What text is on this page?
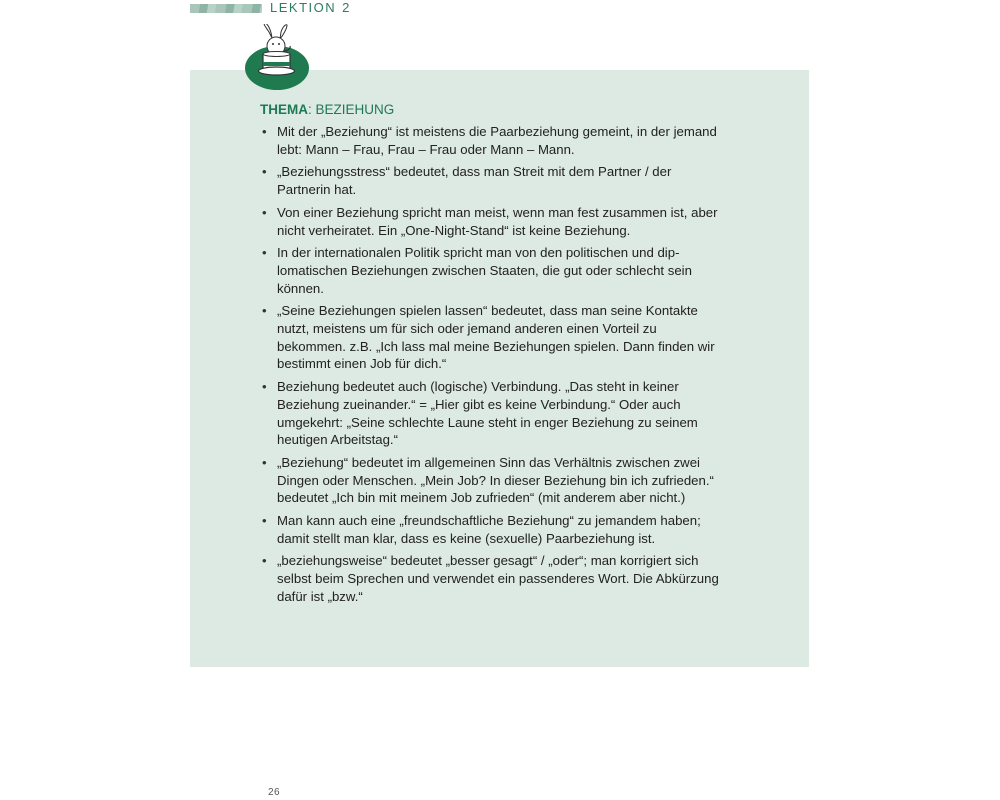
LEKTION 2

THEMA: BEZIEHUNG

• Mit der „Beziehung“ ist meistens die Paarbeziehung gemeint, in der jemand lebt: Mann – Frau, Frau – Frau oder Mann – Mann.
• „Beziehungsstress“ bedeutet, dass man Streit mit dem Partner / der Partnerin hat.
• Von einer Beziehung spricht man meist, wenn man fest zusammen ist, aber nicht verheiratet. Ein „One-Night-Stand“ ist keine Beziehung.
• In der internationalen Politik spricht man von den politischen und diplomatischen Beziehungen zwischen Staaten, die gut oder schlecht sein können.
• „Seine Beziehungen spielen lassen“ bedeutet, dass man seine Kontakte nutzt, meistens um für sich oder jemand anderen einen Vorteil zu bekommen. z.B. „Ich lass mal meine Beziehungen spielen. Dann finden wir bestimmt einen Job für dich.“
• Beziehung bedeutet auch (logische) Verbindung. „Das steht in keiner Beziehung zueinander.“ = „Hier gibt es keine Verbindung.“ Oder auch umgekehrt: „Seine schlechte Laune steht in enger Beziehung zu seinem heutigen Arbeitstag.“
• „Beziehung“ bedeutet im allgemeinen Sinn das Verhältnis zwischen zwei Dingen oder Menschen. „Mein Job? In dieser Beziehung bin ich zufrieden.“ bedeutet „Ich bin mit meinem Job zufrieden“ (mit anderem aber nicht.)
• Man kann auch eine „freundschaftliche Beziehung“ zu jemandem haben; damit stellt man klar, dass es keine (sexuelle) Paarbeziehung ist.
• „beziehungsweise“ bedeutet „besser gesagt“ / „oder“; man korrigiert sich selbst beim Sprechen und verwendet ein passenderes Wort. Die Abkürzung dafür ist „bzw.“
26
